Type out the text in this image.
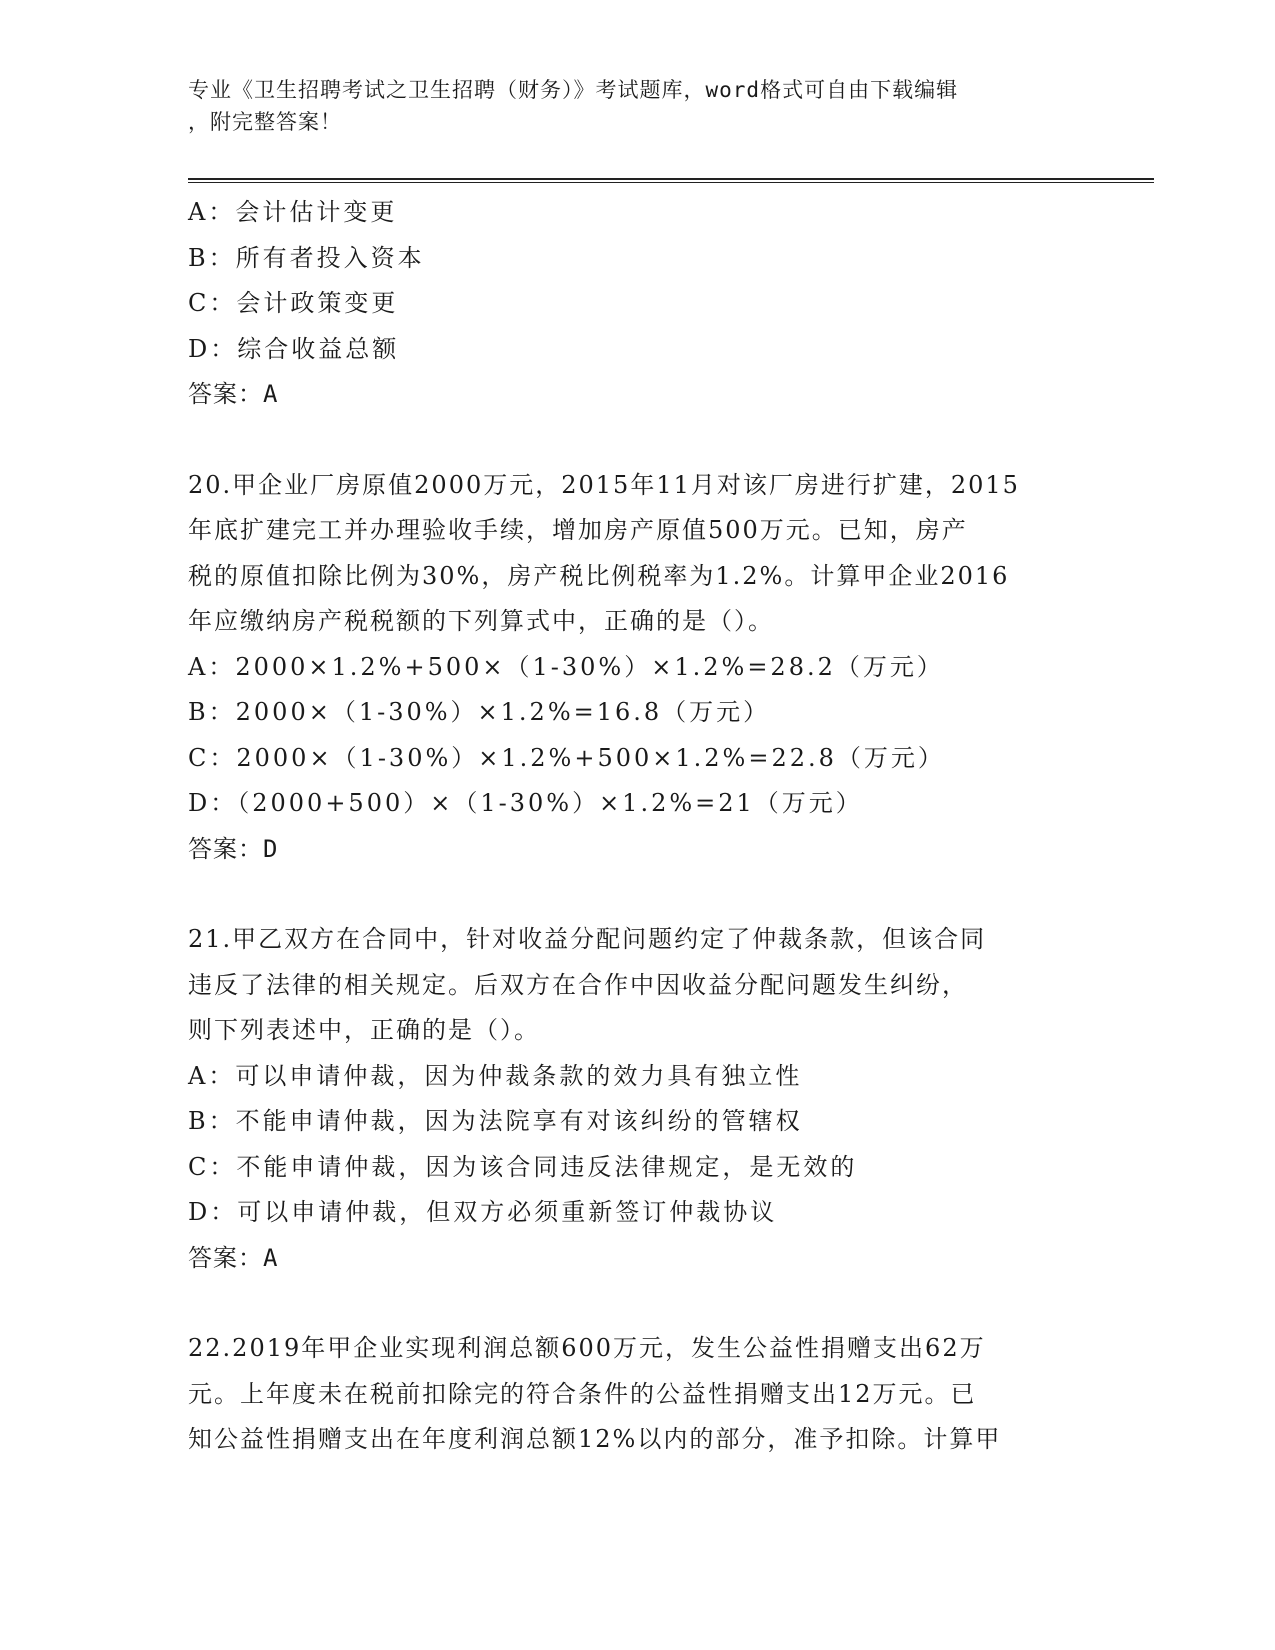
专业《卫生招聘考试之卫生招聘（财务）》考试题库，word格式可自由下载编辑
，附完整答案！
A：会计估计变更
B：所有者投入资本
C：会计政策变更
D：综合收益总额
答案：A
20.甲企业厂房原值2000万元，2015年11月对该厂房进行扩建，2015
年底扩建完工并办理验收手续，增加房产原值500万元。已知，房产
税的原值扣除比例为30%，房产税比例税率为1.2%。计算甲企业2016
年应缴纳房产税税额的下列算式中，正确的是（）。
A：2000×1.2%+500×（1-30%）×1.2%=28.2（万元）
B：2000×（1-30%）×1.2%=16.8（万元）
C：2000×（1-30%）×1.2%+500×1.2%=22.8（万元）
D：（2000+500）×（1-30%）×1.2%=21（万元）
答案：D
21.甲乙双方在合同中，针对收益分配问题约定了仲裁条款，但该合同
违反了法律的相关规定。后双方在合作中因收益分配问题发生纠纷，
则下列表述中，正确的是（）。
A：可以申请仲裁，因为仲裁条款的效力具有独立性
B：不能申请仲裁，因为法院享有对该纠纷的管辖权
C：不能申请仲裁，因为该合同违反法律规定，是无效的
D：可以申请仲裁，但双方必须重新签订仲裁协议
答案：A
22.2019年甲企业实现利润总额600万元，发生公益性捐赠支出62万
元。上年度未在税前扣除完的符合条件的公益性捐赠支出12万元。已
知公益性捐赠支出在年度利润总额12%以内的部分，准予扣除。计算甲
